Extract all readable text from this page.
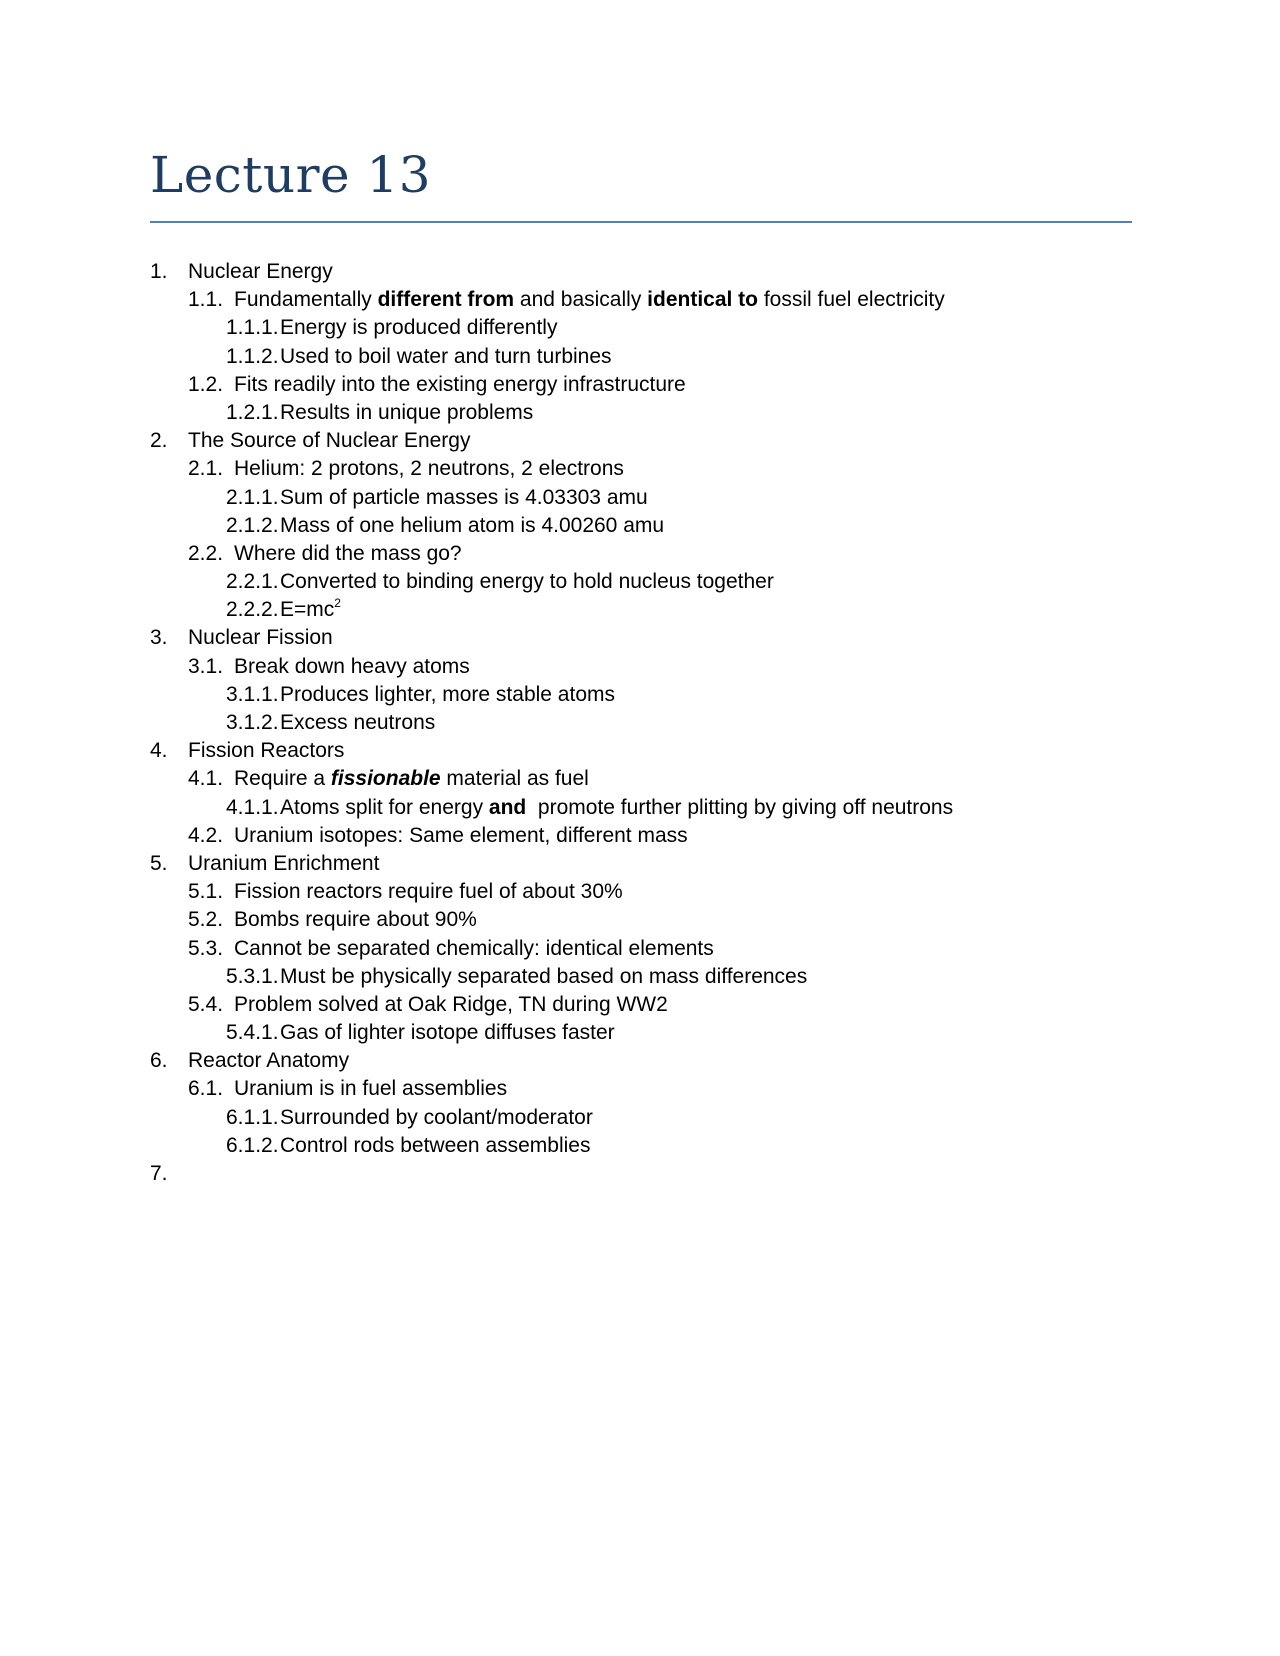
Lecture 13
1. Nuclear Energy
1.1. Fundamentally different from and basically identical to fossil fuel electricity
1.1.1. Energy is produced differently
1.1.2. Used to boil water and turn turbines
1.2. Fits readily into the existing energy infrastructure
1.2.1. Results in unique problems
2. The Source of Nuclear Energy
2.1. Helium: 2 protons, 2 neutrons, 2 electrons
2.1.1. Sum of particle masses is 4.03303 amu
2.1.2. Mass of one helium atom is 4.00260 amu
2.2. Where did the mass go?
2.2.1. Converted to binding energy to hold nucleus together
2.2.2. $E=mc^2$
3. Nuclear Fission
3.1. Break down heavy atoms
3.1.1. Produces lighter, more stable atoms
3.1.2. Excess neutrons
4. Fission Reactors
4.1. Require a fissionable material as fuel
4.1.1. Atoms split for energy and  promote further plitting by giving off neutrons
4.2. Uranium isotopes: Same element, different mass
5. Uranium Enrichment
5.1. Fission reactors require fuel of about 30%
5.2. Bombs require about 90%
5.3. Cannot be separated chemically: identical elements
5.3.1. Must be physically separated based on mass differences
5.4. Problem solved at Oak Ridge, TN during WW2
5.4.1. Gas of lighter isotope diffuses faster
6. Reactor Anatomy
6.1. Uranium is in fuel assemblies
6.1.1. Surrounded by coolant/moderator
6.1.2. Control rods between assemblies
7.
